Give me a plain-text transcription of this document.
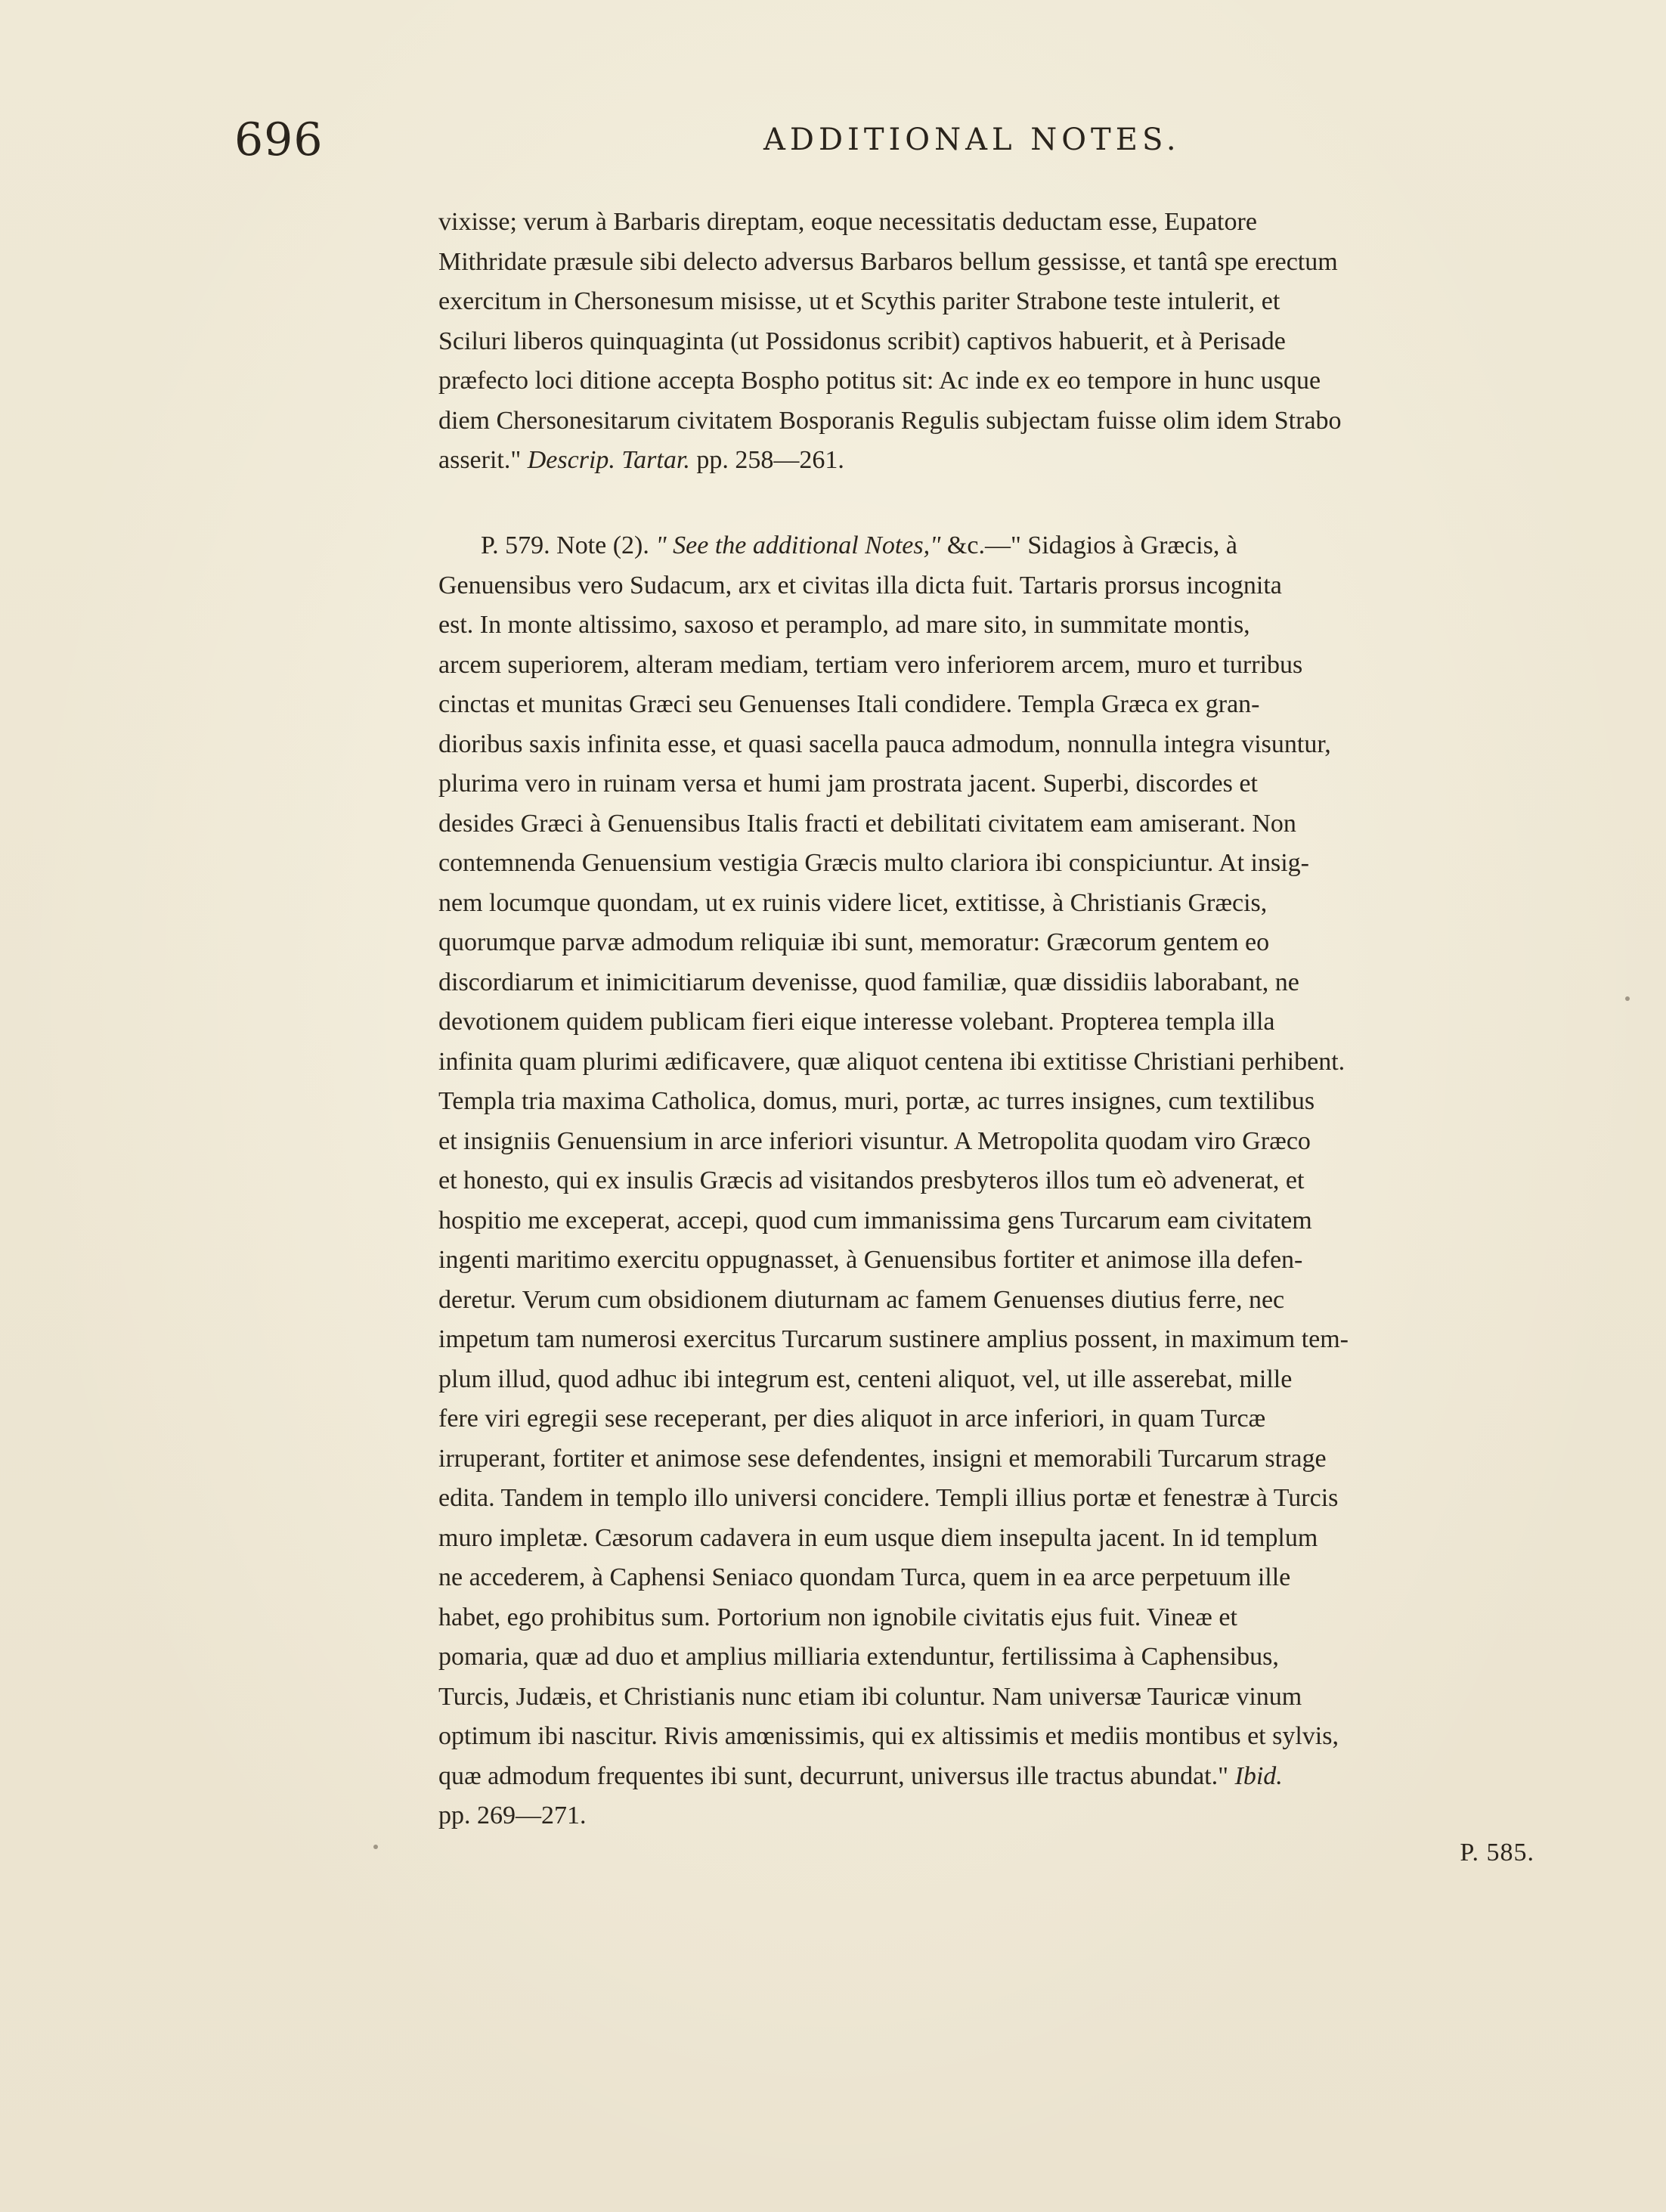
696	ADDITIONAL NOTES.
vixisse; verum à Barbaris direptam, eoque necessitatis deductam esse, Eupatore
Mithridate præsule sibi delecto adversus Barbaros bellum gessisse, et tantâ spe erectum
exercitum in Chersonesum misisse, ut et Scythis pariter Strabone teste intulerit, et
Sciluri liberos quinquaginta (ut Possidonus scribit) captivos habuerit, et à Perisade
præfecto loci ditione accepta Bospho potitus sit: Ac inde ex eo tempore in hunc usque
diem Chersonesitarum civitatem Bosporanis Regulis subjectam fuisse olim idem Strabo
asserit." Descrip. Tartar. pp. 258—261.
P. 579. Note (2). " See the additional Notes," &c.—" Sidagios à Græcis, à
Genuensibus vero Sudacum, arx et civitas illa dicta fuit. Tartaris prorsus incognita
est. In monte altissimo, saxoso et peramplo, ad mare sito, in summitate montis,
arcem superiorem, alteram mediam, tertiam vero inferiorem arcem, muro et turribus
cinctas et munitas Græci seu Genuenses Itali condidere. Templa Græca ex gran-
dioribus saxis infinita esse, et quasi sacella pauca admodum, nonnulla integra visuntur,
plurima vero in ruinam versa et humi jam prostrata jacent. Superbi, discordes et
desides Græci à Genuensibus Italis fracti et debilitati civitatem eam amiserant. Non
contemnenda Genuensium vestigia Græcis multo clariora ibi conspiciuntur. At insig-
nem locumque quondam, ut ex ruinis videre licet, extitisse, à Christianis Græcis,
quorumque parvæ admodum reliquiæ ibi sunt, memoratur: Græcorum gentem eo
discordiarum et inimicitiarum devenisse, quod familiæ, quæ dissidiis laborabant, ne
devotionem quidem publicam fieri eique interesse volebant. Propterea templa illa
infinita quam plurimi ædificavere, quæ aliquot centena ibi extitisse Christiani perhibent.
Templa tria maxima Catholica, domus, muri, portæ, ac turres insignes, cum textilibus
et insigniis Genuensium in arce inferiori visuntur. A Metropolita quodam viro Græco
et honesto, qui ex insulis Græcis ad visitandos presbyteros illos tum eò advenerat, et
hospitio me exceperat, accepi, quod cum immanissima gens Turcarum eam civitatem
ingenti maritimo exercitu oppugnasset, à Genuensibus fortiter et animose illa defen-
deretur. Verum cum obsidionem diuturnam ac famem Genuenses diutius ferre, nec
impetum tam numerosi exercitus Turcarum sustinere amplius possent, in maximum tem-
plum illud, quod adhuc ibi integrum est, centeni aliquot, vel, ut ille asserebat, mille
fere viri egregii sese receperant, per dies aliquot in arce inferiori, in quam Turcæ
irruperant, fortiter et animose sese defendentes, insigni et memorabili Turcarum strage
edita. Tandem in templo illo universi concidere. Templi illius portæ et fenestræ à Turcis
muro impletæ. Cæsorum cadavera in eum usque diem insepulta jacent. In id templum
ne accederem, à Caphensi Seniaco quondam Turca, quem in ea arce perpetuum ille
habet, ego prohibitus sum. Portorium non ignobile civitatis ejus fuit. Vineæ et
pomaria, quæ ad duo et amplius milliaria extenduntur, fertilissima à Caphensibus,
Turcis, Judæis, et Christianis nunc etiam ibi coluntur. Nam universæ Tauricæ vinum
optimum ibi nascitur. Rivis amœnissimis, qui ex altissimis et mediis montibus et sylvis,
quæ admodum frequentes ibi sunt, decurrunt, universus ille tractus abundat." Ibid.
pp. 269—271.
P. 585.
